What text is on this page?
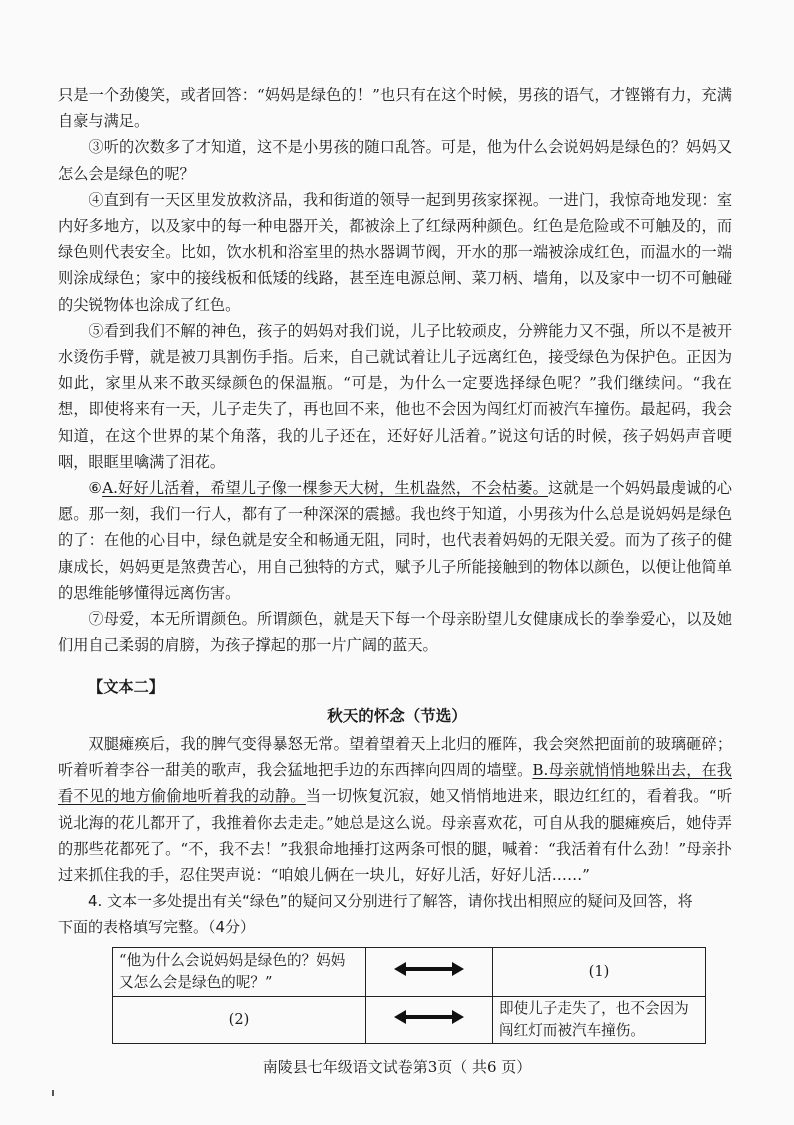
只是一个劲傻笑，或者回答：“妈妈是绿色的！”也只有在这个时候，男孩的语气，才铿锵有力，充满自豪与满足。

③听的次数多了才知道，这不是小男孩的随口乱答。可是，他为什么会说妈妈是绿色的？妈妈又怎么会是绿色的呢？

④直到有一天区里发放救济品，我和街道的领导一起到男孩家探视。一进门，我惊奇地发现：室内好多地方，以及家中的每一种电器开关，都被涂上了红绿两种颜色。红色是危险或不可触及的，而绿色则代表安全。比如，饮水机和浴室里的热水器调节阀，开水的那一端被涂成红色，而温水的一端则涂成绿色；家中的接线板和低矮的线路，甚至连电源总闸、菜刀柄、墙角，以及家中一切不可触碰的尖锐物体也涂成了红色。

⑤看到我们不解的神色，孩子的妈妈对我们说，儿子比较顽皮，分辨能力又不强，所以不是被开水烫伤手臂，就是被刀具割伤手指。后来，自己就试着让儿子远离红色，接受绿色为保护色。正因为如此，家里从来不敢买绿颜色的保温瓶。“可是，为什么一定要选择绿色呢？”我们继续问。“我在想，即使将来有一天，儿子走失了，再也回不来，他也不会因为闯红灯而被汽车撞伤。最起码，我会知道，在这个世界的某个角落，我的儿子还在，还好好儿活着。”说这句话的时候，孩子妈妈声音哽咽，眼眶里噙满了泪花。

⑥A.好好儿活着，希望儿子像一棵参天大树，生机盎然，不会枯萎。这就是一个妈妈最虔诚的心愿。那一刻，我们一行人，都有了一种深深的震撼。我也终于知道，小男孩为什么总是说妈妈是绿色的了：在他的心目中，绿色就是安全和畅通无阻，同时，也代表着妈妈的无限关爱。而为了孩子的健康成长，妈妈更是煞费苦心，用自己独特的方式，赋予儿子所能接触到的物体以颜色，以便让他简单的思维能够懂得远离伤害。

⑦母爱，本无所谓颜色。所谓颜色，就是天下每一个母亲盼望儿女健康成长的拳拳爱心，以及她们用自己柔弱的肩膀，为孩子撑起的那一片广阔的蓝天。

【文本二】
秋天的怀念（节选）

双腿瘫痪后，我的脾气变得暴怒无常。望着望着天上北归的雁阵，我会突然把面前的玻璃砸碎；听着听着李谷一甜美的歌声，我会猛地把手边的东西摔向四周的墙壁。B.母亲就悄悄地躲出去，在我看不见的地方偷偷地听着我的动静。当一切恢复沉寂，她又悄悄地进来，眼边红红的，看着我。“听说北海的花儿都开了，我推着你去走走。”她总是这么说。母亲喜欢花，可自从我的腿瘫痪后，她侍弄的那些花都死了。“不，我不去！”我狠命地捶打这两条可恨的腿，喊着：“我活着有什么劲！”母亲扑过来抓住我的手，忍住哭声说：“咱娘儿俩在一块儿，好好儿活，好好儿活……”

4. 文本一多处提出有关“绿色”的疑问又分别进行了解答，请你找出相照应的疑问及回答，将

下面的表格填写完整。（4分）

“他为什么会说妈妈是绿色的？妈妈又怎么会是绿色的呢？”		(1)
(2)		即使儿子走失了，也不会因为闯红灯而被汽车撞伤。
南陵县七年级语文试卷第3页（ 共6 页）
